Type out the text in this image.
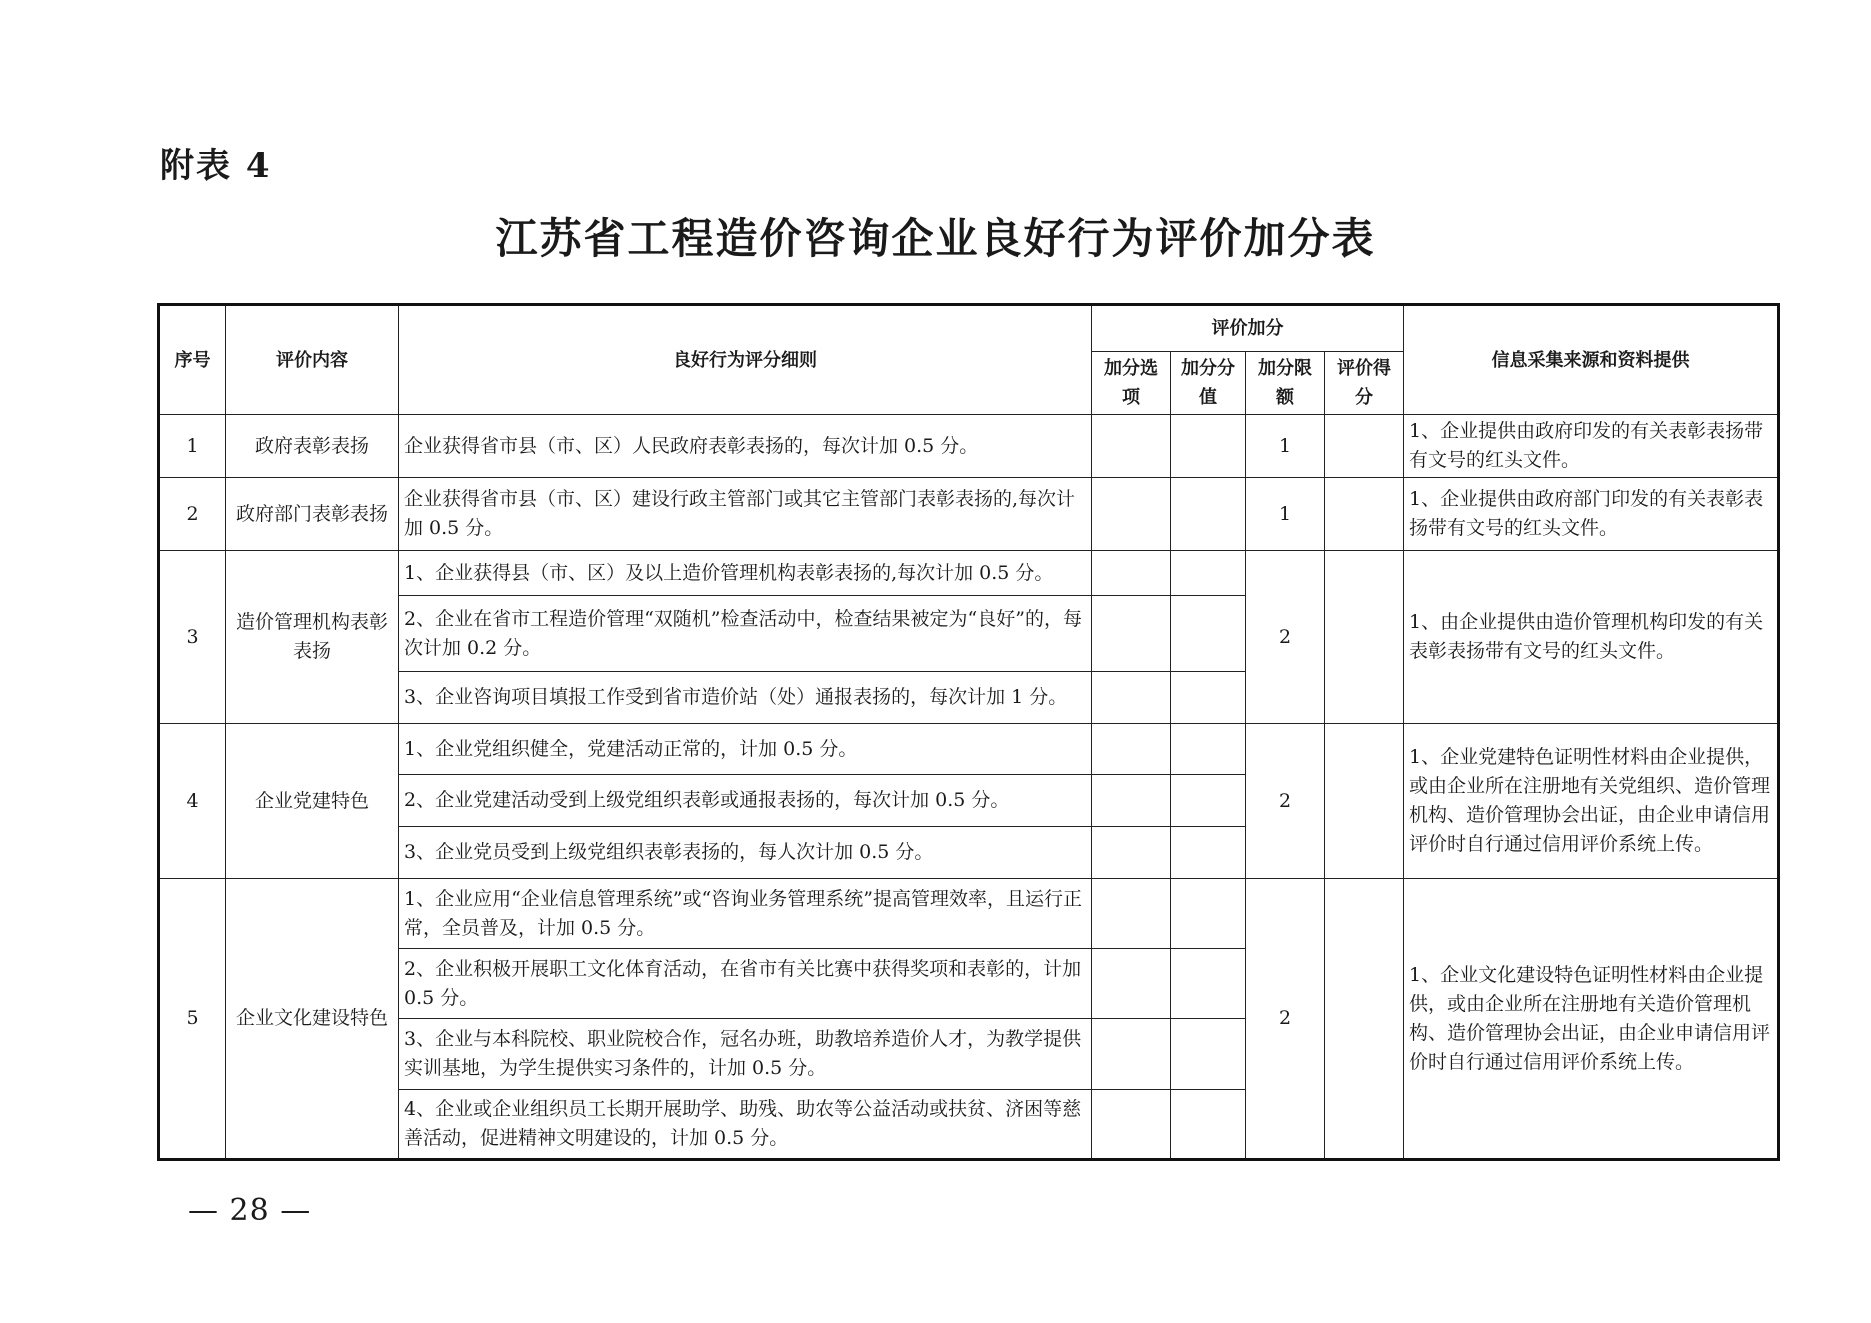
附表 4
江苏省工程造价咨询企业良好行为评价加分表
序号	评价内容	良好行为评分细则	评价加分				信息采集来源和资料提供
			加分选项	加分分值	加分限额	评价得分	
1	政府表彰表扬	企业获得省市县（市、区）人民政府表彰表扬的，每次计加 0.5 分。			1		1、企业提供由政府印发的有关表彰表扬带有文号的红头文件。
2	政府部门表彰表扬	企业获得省市县（市、区）建设行政主管部门或其它主管部门表彰表扬的,每次计加 0.5 分。			1		1、企业提供由政府部门印发的有关表彰表扬带有文号的红头文件。
3	造价管理机构表彰表扬	1、企业获得县（市、区）及以上造价管理机构表彰表扬的,每次计加 0.5 分。			2		1、由企业提供由造价管理机构印发的有关表彰表扬带有文号的红头文件。
		2、企业在省市工程造价管理“双随机”检查活动中，检查结果被定为“良好”的，每次计加 0.2 分。					
		3、企业咨询项目填报工作受到省市造价站（处）通报表扬的，每次计加 1 分。					
4	企业党建特色	1、企业党组织健全，党建活动正常的，计加 0.5 分。			2		1、企业党建特色证明性材料由企业提供，或由企业所在注册地有关党组织、造价管理机构、造价管理协会出证，由企业申请信用评价时自行通过信用评价系统上传。
		2、企业党建活动受到上级党组织表彰或通报表扬的，每次计加 0.5 分。					
		3、企业党员受到上级党组织表彰表扬的，每人次计加 0.5 分。					
5	企业文化建设特色	1、企业应用“企业信息管理系统”或“咨询业务管理系统”提高管理效率，且运行正常，全员普及，计加 0.5 分。			2		1、企业文化建设特色证明性材料由企业提供，或由企业所在注册地有关造价管理机构、造价管理协会出证，由企业申请信用评价时自行通过信用评价系统上传。
		2、企业积极开展职工文化体育活动，在省市有关比赛中获得奖项和表彰的，计加 0.5 分。					
		3、企业与本科院校、职业院校合作，冠名办班，助教培养造价人才，为教学提供实训基地，为学生提供实习条件的，计加 0.5 分。					
		4、企业或企业组织员工长期开展助学、助残、助农等公益活动或扶贫、济困等慈善活动，促进精神文明建设的，计加 0.5 分。					
— 28 —
